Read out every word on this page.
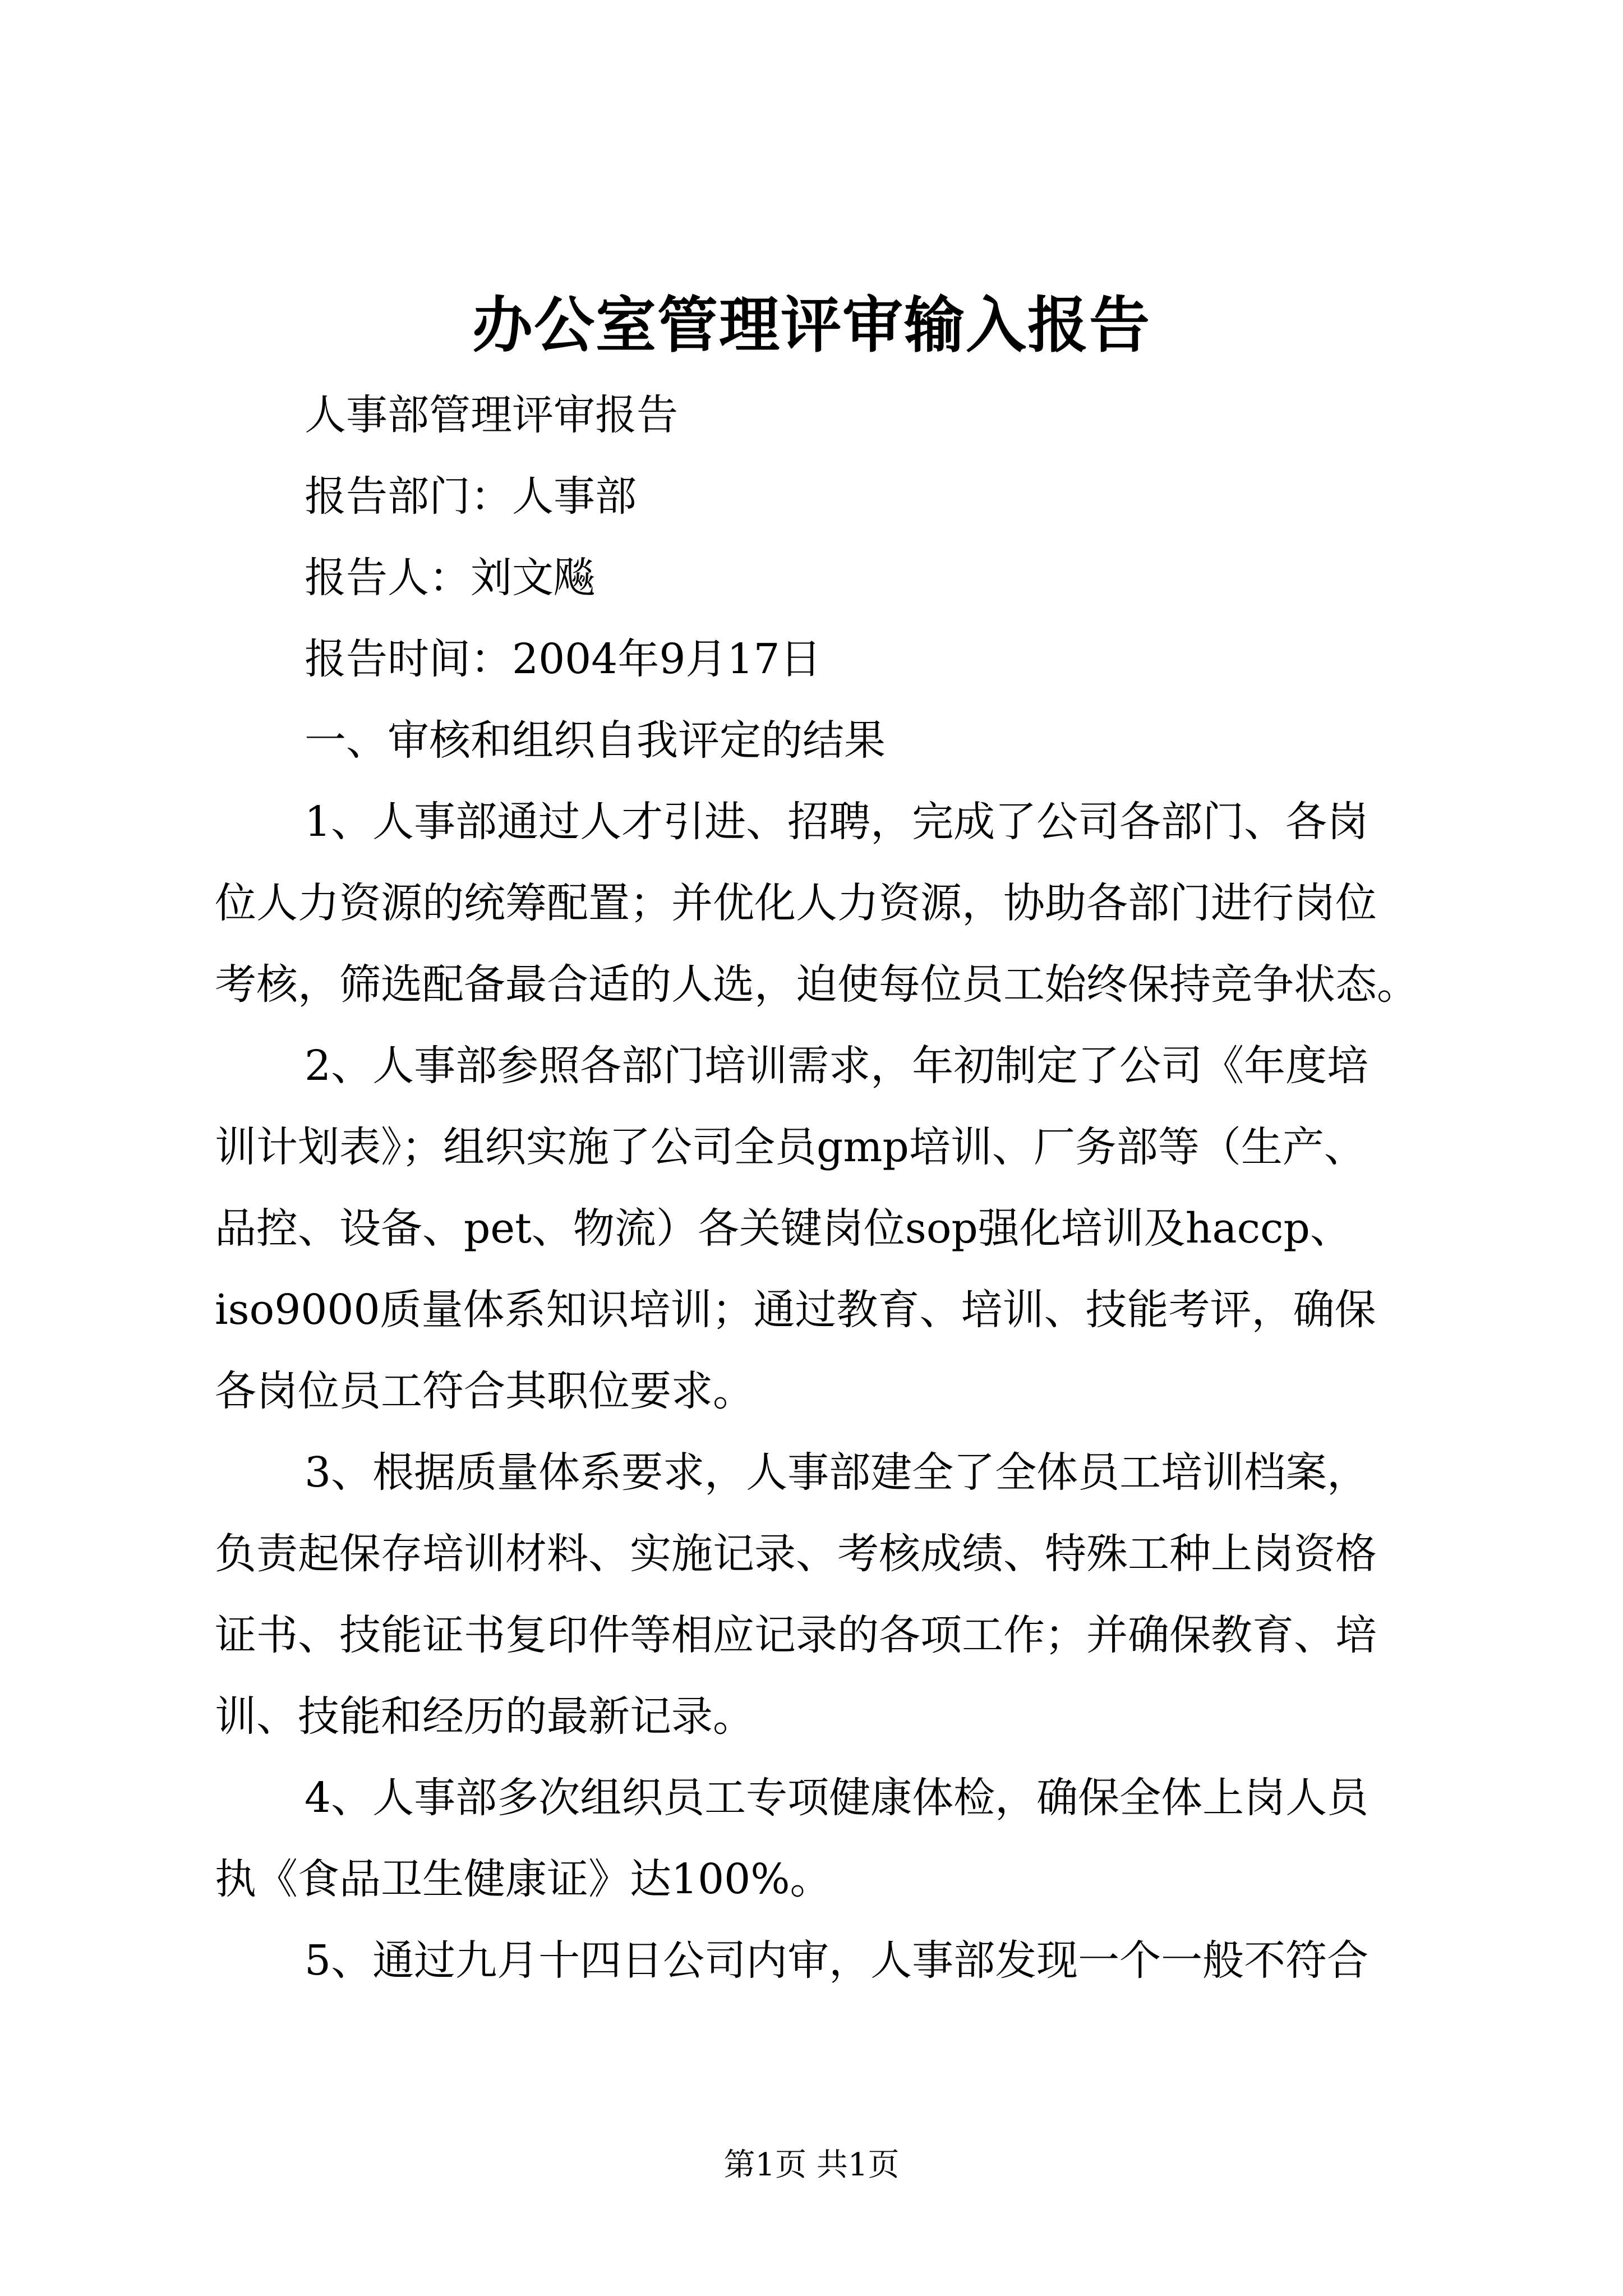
办公室管理评审输入报告
人事部管理评审报告
报告部门：人事部
报告人：刘文飚
报告时间：2004年9月17日
一、审核和组织自我评定的结果
1、人事部通过人才引进、招聘，完成了公司各部门、各岗
位人力资源的统筹配置；并优化人力资源，协助各部门进行岗位
考核，筛选配备最合适的人选，迫使每位员工始终保持竞争状态。
2、人事部参照各部门培训需求，年初制定了公司《年度培
训计划表》；组织实施了公司全员gmp培训、厂务部等（生产、
品控、设备、pet、物流）各关键岗位sop强化培训及haccp、
iso9000质量体系知识培训；通过教育、培训、技能考评，确保
各岗位员工符合其职位要求。
3、根据质量体系要求，人事部建全了全体员工培训档案，
负责起保存培训材料、实施记录、考核成绩、特殊工种上岗资格
证书、技能证书复印件等相应记录的各项工作；并确保教育、培
训、技能和经历的最新记录。
4、人事部多次组织员工专项健康体检，确保全体上岗人员
执《食品卫生健康证》达100%。
5、通过九月十四日公司内审，人事部发现一个一般不符合
第1页 共1页
